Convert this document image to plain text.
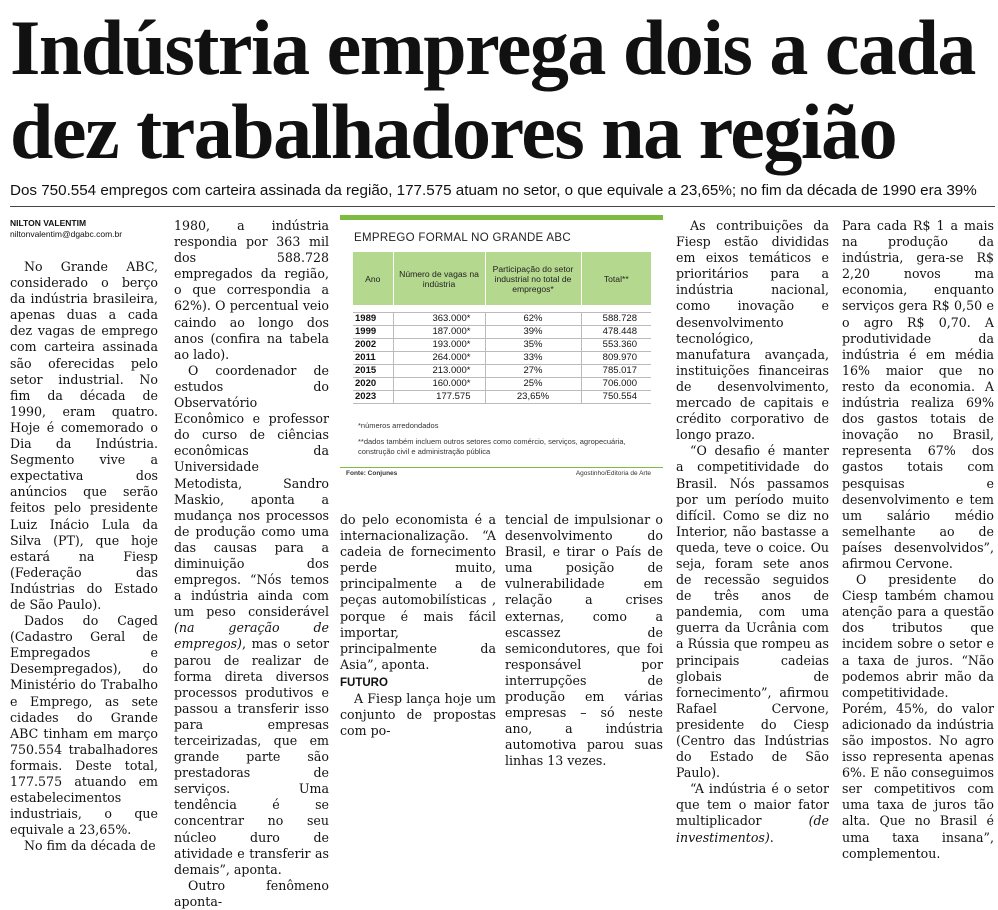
Indústria emprega dois a cada
dez trabalhadores na região
Dos 750.554 empregos com carteira assinada da região, 177.575 atuam no setor, o que equivale a 23,65%; no fim da década de 1990 era 39%
NILTON VALENTIM
niltonvalentim@dgabc.com.br

No Grande ABC, considerado o berço da indústria brasileira, apenas duas a cada dez vagas de emprego com carteira assinada são oferecidas pelo setor industrial. No fim da década de 1990, eram quatro. Hoje é comemorado o Dia da Indústria. Segmento vive a expectativa dos anúncios que serão feitos pelo presidente Luiz Inácio Lula da Silva (PT), que hoje estará na Fiesp (Federação das Indústrias do Estado de São Paulo).

Dados do Caged (Cadastro Geral de Empregados e Desempregados), do Ministério do Trabalho e Emprego, as sete cidades do Grande ABC tinham em março 750.554 trabalhadores formais. Deste total, 177.575 atuando em estabelecimentos industriais, o que equivale a 23,65%.

No fim da década de

1980, a indústria respondia por 363 mil dos 588.728 empregados da região, o que correspondia a 62%). O percentual veio caindo ao longo dos anos (confira na tabela ao lado).

O coordenador de estudos do Observatório Econômico e professor do curso de ciências econômicas da Universidade Metodista, Sandro Maskio, aponta a mudança nos processos de produção como uma das causas para a diminuição dos empregos. “Nós temos a indústria ainda com um peso considerável (na geração de empregos), mas o setor parou de realizar de forma direta diversos processos produtivos e passou a transferir isso para empresas terceirizadas, que em grande parte são prestadoras de serviços. Uma tendência é se concentrar no seu núcleo duro de atividade e transferir as demais”, aponta.

Outro fenômeno aponta-

EMPREGO FORMAL NO GRANDE ABC
Ano	Número de vagas na indústria	Participação do setor industrial no total de empregos*	Total**

1989	363.000*	62%	588.728
1999	187.000*	39%	478.448
2002	193.000*	35%	553.360
2011	264.000*	33%	809.970
2015	213.000*	27%	785.017
2020	160.000*	25%	706.000
2023	177.575	23,65%	750.554
*números arredondados
**dados também incluem outros setores como comércio, serviços, agropecuária, construção civil e administração pública
Fonte: Conjunes	Agostinho/Editoria de Arte

do pelo economista é a internacionalização. “A cadeia de fornecimento perde muito, principalmente a de peças automobilísticas , porque é mais fácil importar, principalmente da Asia”, aponta.

FUTURO

A Fiesp lança hoje um conjunto de propostas com po-

tencial de impulsionar o desenvolvimento do Brasil, e tirar o País de uma posição de vulnerabilidade em relação a crises externas, como a escassez de semicondutores, que foi responsável por interrupções de produção em várias empresas – só neste ano, a indústria automotiva parou suas linhas 13 vezes.

As contribuições da Fiesp estão divididas em eixos temáticos e prioritários para a indústria nacional, como inovação e desenvolvimento tecnológico, manufatura avançada, instituições financeiras de desenvolvimento, mercado de capitais e crédito corporativo de longo prazo.

“O desafio é manter a competitividade do Brasil. Nós passamos por um período muito difícil. Como se diz no Interior, não bastasse a queda, teve o coice. Ou seja, foram sete anos de recessão seguidos de três anos de pandemia, com uma guerra da Ucrânia com a Rússia que rompeu as principais cadeias globais de fornecimento”, afirmou Rafael Cervone, presidente do Ciesp (Centro das Indústrias do Estado de São Paulo).

“A indústria é o setor que tem o maior fator multiplicador	(de investimentos).

Para cada R$ 1 a mais na produção da indústria, gera-se R$ 2,20 novos ma economia, enquanto serviços gera R$ 0,50 e o agro R$ 0,70. A produtividade da indústria é em média 16% maior que no resto da economia. A indústria realiza 69% dos gastos totais de inovação no Brasil, representa 67% dos gastos totais com pesquisas e desenvolvimento e tem um salário médio semelhante ao de países desenvolvidos”, afirmou Cervone.

O presidente do Ciesp também chamou atenção para a questão dos tributos que incidem sobre o setor e a taxa de juros. “Não podemos abrir mão da competitividade. Porém, 45%, do valor adicionado da indústria são impostos. No agro isso representa apenas 6%. E não conseguimos ser competitivos com uma taxa de juros tão alta. Que no Brasil é uma taxa insana”, complementou.
